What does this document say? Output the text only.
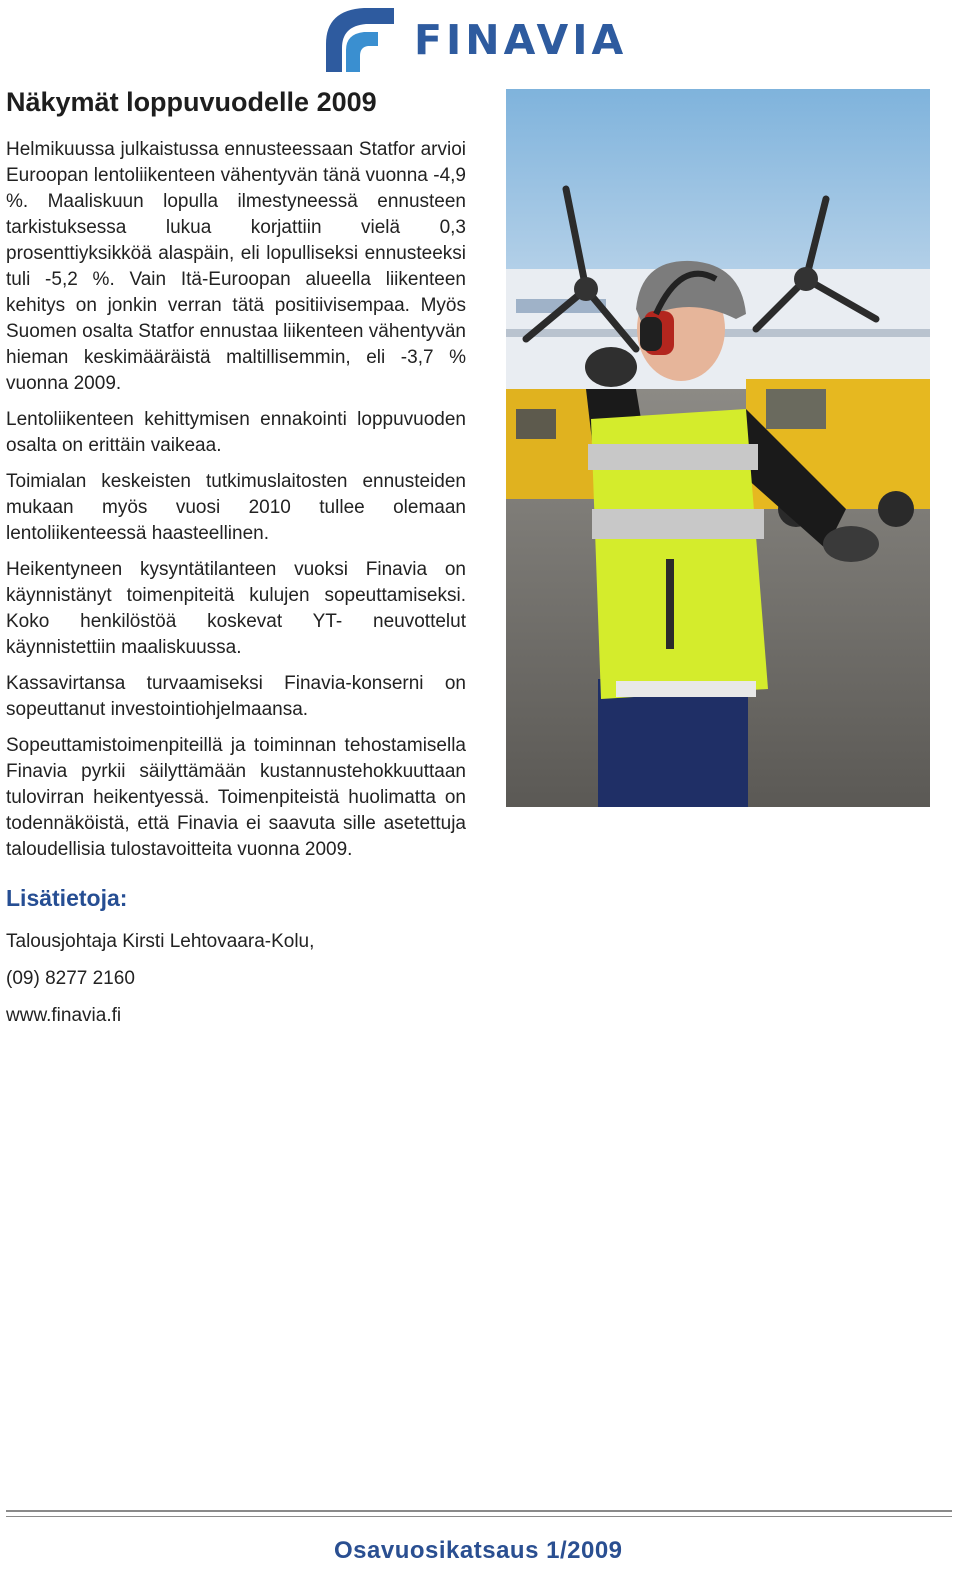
FINAVIA
Näkymät loppuvuodelle 2009

Helmikuussa julkaistussa ennusteessaan Statfor arvioi Euroopan lentoliikenteen vähentyvän tänä vuonna -4,9 %. Maaliskuun lopulla ilmestyneessä ennusteen tarkistuksessa lukua korjattiin vielä 0,3 prosenttiyksikköä alaspäin, eli lopulliseksi ennusteeksi tuli -5,2 %. Vain Itä-Euroopan alueella liikenteen kehitys on jonkin verran tätä positiivisempaa. Myös Suomen osalta Statfor ennustaa liikenteen vähentyvän hieman keskimääräistä maltillisemmin, eli -3,7 % vuonna 2009.

Lentoliikenteen kehittymisen ennakointi loppuvuoden osalta on erittäin vaikeaa.

Toimialan keskeisten tutkimuslaitosten ennusteiden mukaan myös vuosi 2010 tullee olemaan lentoliikenteessä haasteellinen.

Heikentyneen kysyntätilanteen vuoksi Finavia on käynnistänyt toimenpiteitä kulujen sopeuttamiseksi. Koko henkilöstöä koskevat YT- neuvottelut käynnistettiin maaliskuussa.

Kassavirtansa turvaamiseksi Finavia-konserni on sopeuttanut investointiohjelmaansa.

Sopeuttamistoimenpiteillä ja toiminnan tehostamisella Finavia pyrkii säilyttämään kustannustehokkuuttaan tulovirran heikentyessä. Toimenpiteistä huolimatta on todennäköistä, että Finavia ei saavuta sille asetettuja taloudellisia tulostavoitteita vuonna 2009.

Lisätietoja:
Talousjohtaja Kirsti Lehtovaara-Kolu,
(09) 8277 2160
www.finavia.fi
Osavuosikatsaus 1/2009
